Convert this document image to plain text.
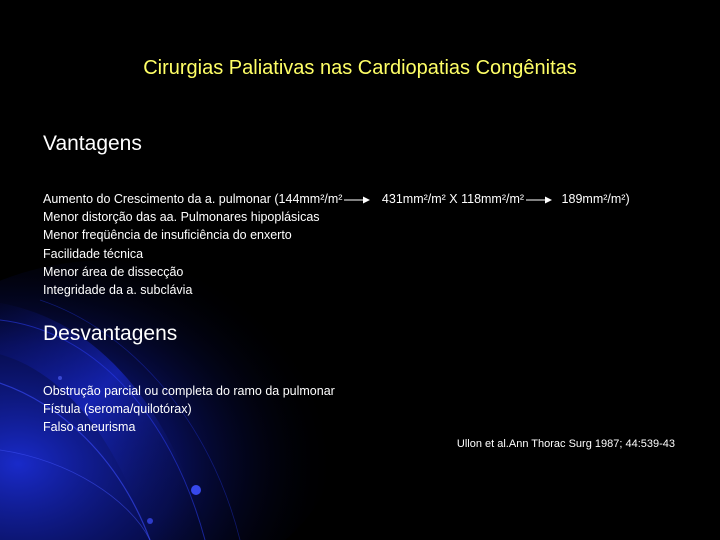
Cirurgias Paliativas nas Cardiopatias Congênitas
Vantagens
Aumento do Crescimento da a. pulmonar (144mm²/m²	431mm²/m² X 118mm²/m²	189mm²/m²)
Menor distorção das aa. Pulmonares hipoplásicas
Menor freqüência de insuficiência do enxerto
Facilidade técnica
Menor área de dissecção
Integridade da a. subclávia
Desvantagens
Obstrução parcial ou completa do ramo da pulmonar
Fístula (seroma/quilotórax)
Falso aneurisma
Ullon et al.Ann Thorac Surg 1987; 44:539-43
